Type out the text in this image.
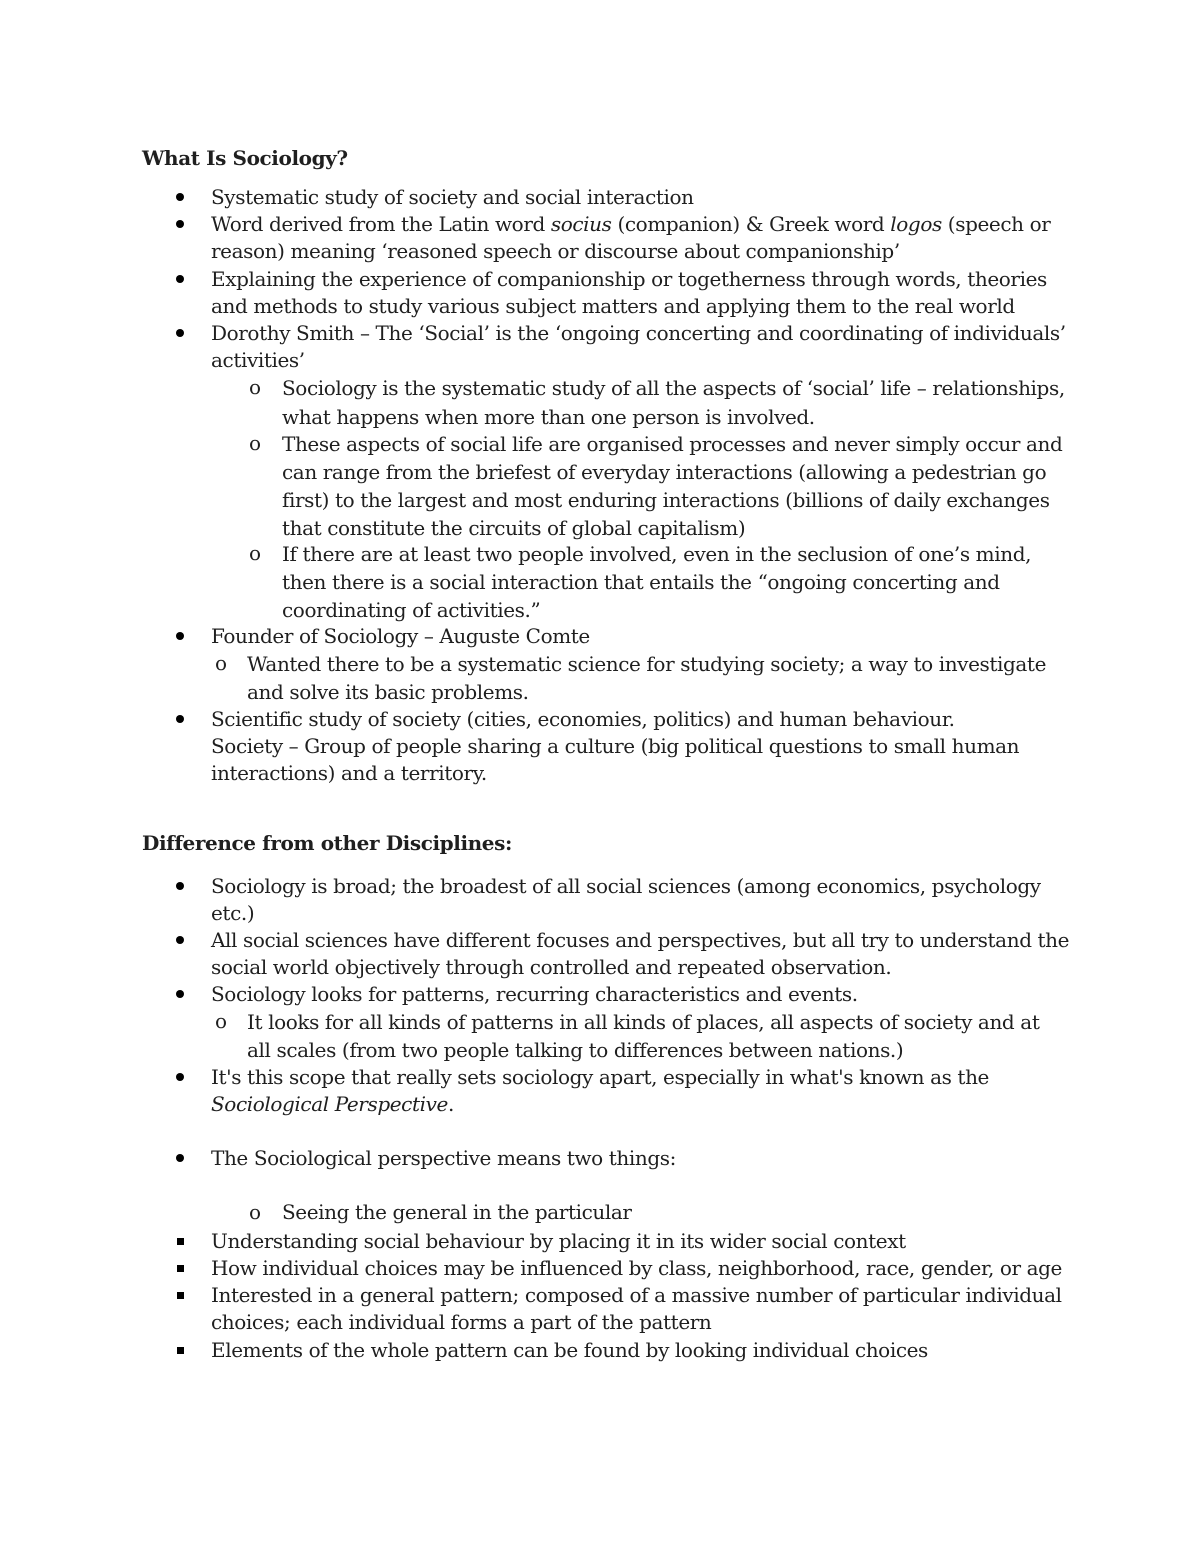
What Is Sociology?
Systematic study of society and social interaction
Word derived from the Latin word socius (companion) & Greek word logos (speech or reason) meaning ‘reasoned speech or discourse about companionship’
Explaining the experience of companionship or togetherness through words, theories and methods to study various subject matters and applying them to the real world
Dorothy Smith – The ‘Social’ is the ‘ongoing concerting and coordinating of individuals’ activities’
o Sociology is the systematic study of all the aspects of ‘social’ life – relationships, what happens when more than one person is involved.
o These aspects of social life are organised processes and never simply occur and can range from the briefest of everyday interactions (allowing a pedestrian go first) to the largest and most enduring interactions (billions of daily exchanges that constitute the circuits of global capitalism)
o If there are at least two people involved, even in the seclusion of one’s mind, then there is a social interaction that entails the “ongoing concerting and coordinating of activities.”
Founder of Sociology – Auguste Comte
o Wanted there to be a systematic science for studying society; a way to investigate and solve its basic problems.
Scientific study of society (cities, economies, politics) and human behaviour.
Society – Group of people sharing a culture (big political questions to small human interactions) and a territory.
Difference from other Disciplines:
Sociology is broad; the broadest of all social sciences (among economics, psychology etc.)
All social sciences have different focuses and perspectives, but all try to understand the social world objectively through controlled and repeated observation.
Sociology looks for patterns, recurring characteristics and events.
o It looks for all kinds of patterns in all kinds of places, all aspects of society and at all scales (from two people talking to differences between nations.)
It's this scope that really sets sociology apart, especially in what's known as the Sociological Perspective.
The Sociological perspective means two things:
o Seeing the general in the particular
Understanding social behaviour by placing it in its wider social context
How individual choices may be influenced by class, neighborhood, race, gender, or age
Interested in a general pattern; composed of a massive number of particular individual choices; each individual forms a part of the pattern
Elements of the whole pattern can be found by looking individual choices
